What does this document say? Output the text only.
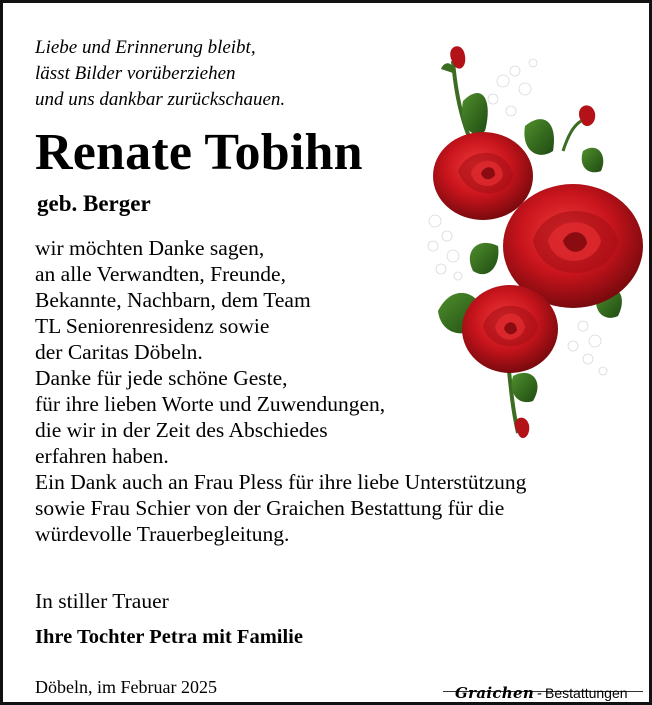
Liebe und Erinnerung bleibt,
lässt Bilder vorüberziehen
und uns dankbar zurückschauen.
Renate Tobihn
geb. Berger
wir möchten Danke sagen,
an alle Verwandten, Freunde,
Bekannte, Nachbarn, dem Team
TL Seniorenresidenz sowie
der Caritas Döbeln.
Danke für jede schöne Geste,
für ihre lieben Worte und Zuwendungen,
die wir in der Zeit des Abschiedes
erfahren haben.
Ein Dank auch an Frau Pless für ihre liebe Unterstützung
sowie Frau Schier von der Graichen Bestattung für die
würdevolle Trauerbegleitung.
In stiller Trauer
Ihre Tochter Petra mit Familie
Döbeln, im Februar 2025	Graichen - Bestattungen
